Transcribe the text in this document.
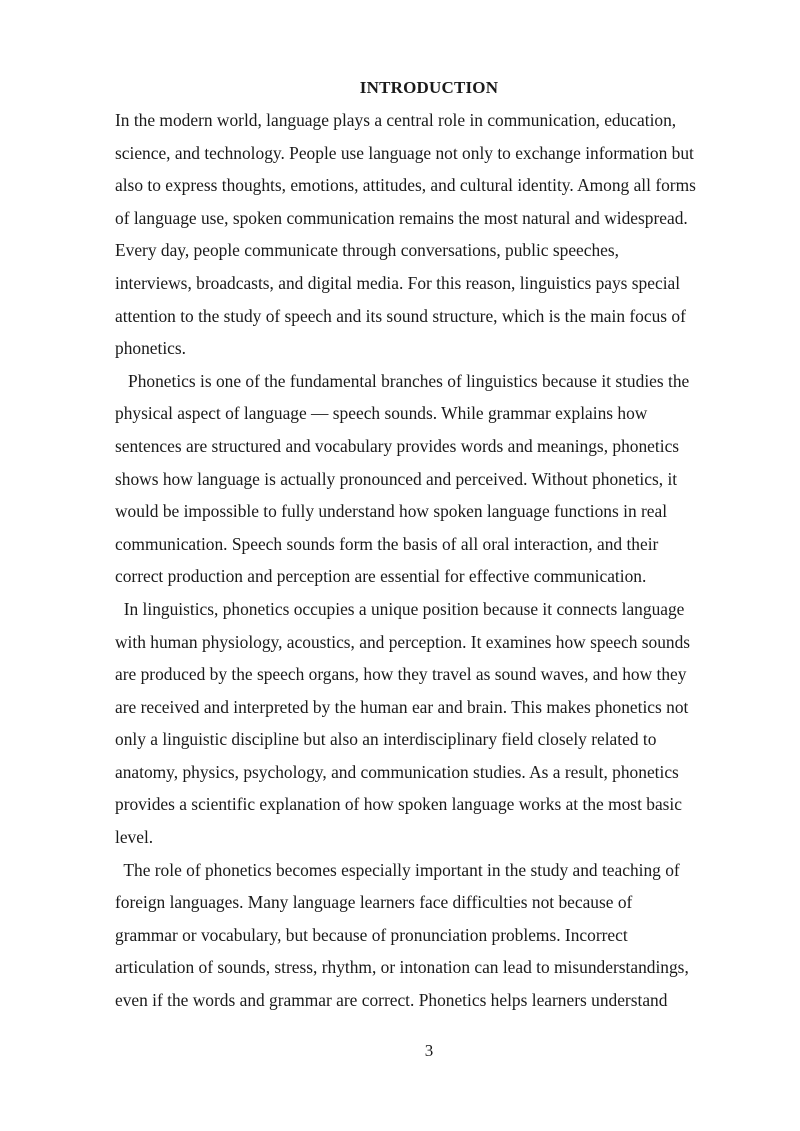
INTRODUCTION

In the modern world, language plays a central role in communication, education,
science, and technology. People use language not only to exchange information but
also to express thoughts, emotions, attitudes, and cultural identity. Among all forms
of language use, spoken communication remains the most natural and widespread.
Every day, people communicate through conversations, public speeches,
interviews, broadcasts, and digital media. For this reason, linguistics pays special
attention to the study of speech and its sound structure, which is the main focus of
phonetics.

Phonetics is one of the fundamental branches of linguistics because it studies the
physical aspect of language — speech sounds. While grammar explains how
sentences are structured and vocabulary provides words and meanings, phonetics
shows how language is actually pronounced and perceived. Without phonetics, it
would be impossible to fully understand how spoken language functions in real
communication. Speech sounds form the basis of all oral interaction, and their
correct production and perception are essential for effective communication.

In linguistics, phonetics occupies a unique position because it connects language
with human physiology, acoustics, and perception. It examines how speech sounds
are produced by the speech organs, how they travel as sound waves, and how they
are received and interpreted by the human ear and brain. This makes phonetics not
only a linguistic discipline but also an interdisciplinary field closely related to
anatomy, physics, psychology, and communication studies. As a result, phonetics
provides a scientific explanation of how spoken language works at the most basic
level.

The role of phonetics becomes especially important in the study and teaching of
foreign languages. Many language learners face difficulties not because of
grammar or vocabulary, but because of pronunciation problems. Incorrect
articulation of sounds, stress, rhythm, or intonation can lead to misunderstandings,
even if the words and grammar are correct. Phonetics helps learners understand

3
